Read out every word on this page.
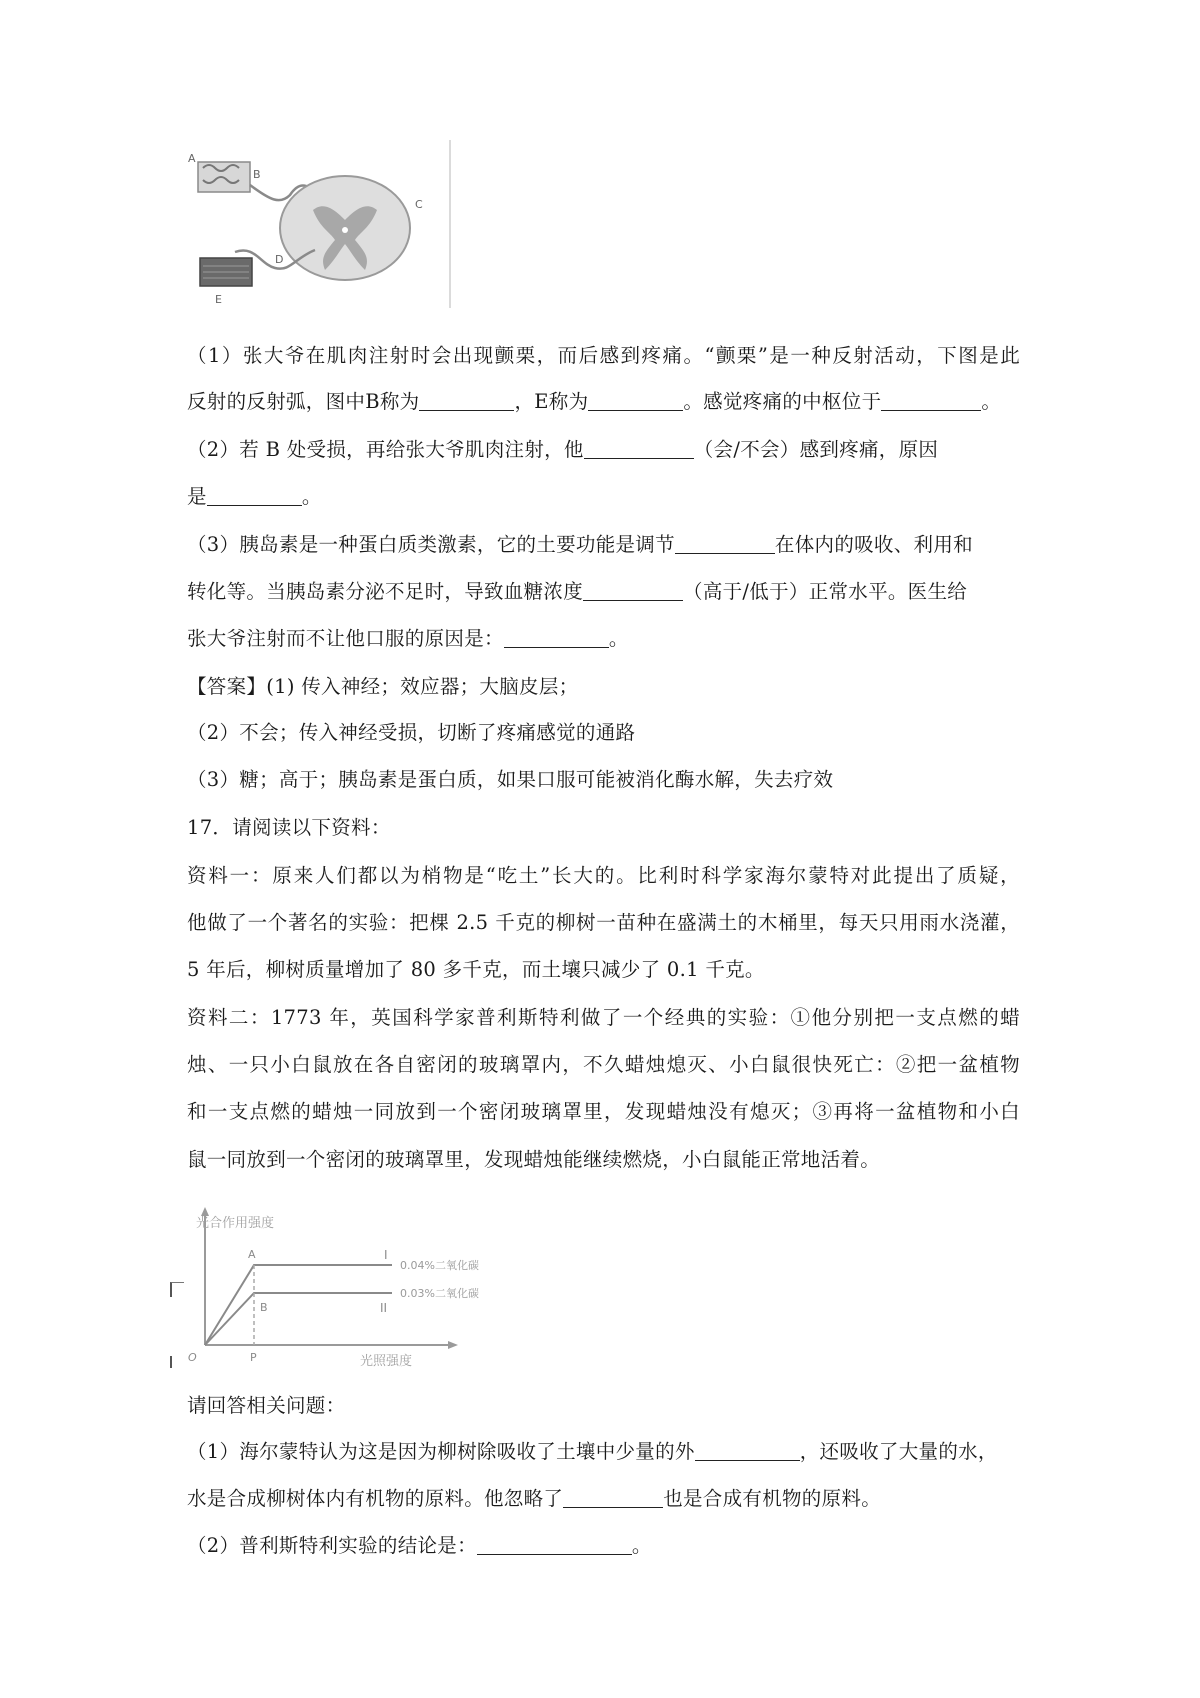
A
B
C
D
E
（1）张大爷在肌肉注射时会出现颤栗，而后感到疼痛。“颤栗”是一种反射活动，下图是此
反射的反射弧，图中B称为	，E称为	。感觉疼痛的中枢位于	。
（2）若 B 处受损，再给张大爷肌肉注射，他	（会/不会）感到疼痛，原因
是	。
（3）胰岛素是一种蛋白质类激素，它的土要功能是调节	在体内的吸收、利用和
转化等。当胰岛素分泌不足时，导致血糖浓度	（高于/低于）正常水平。医生给
张大爷注射而不让他口服的原因是：	。
【答案】(1) 传入神经；效应器；大脑皮层；
（2）不会；传入神经受损，切断了疼痛感觉的通路
（3）糖；高于；胰岛素是蛋白质，如果口服可能被消化酶水解，失去疗效
17．请阅读以下资料：
资料一：原来人们都以为梢物是“吃土”长大的。比利时科学家海尔蒙特对此提出了质疑，
他做了一个著名的实验：把棵 2.5 千克的柳树一苗种在盛满土的木桶里，每天只用雨水浇灌，
5 年后，柳树质量增加了 80 多千克，而土壤只减少了 0.1 千克。
资料二：1773 年，英国科学家普利斯特利做了一个经典的实验：①他分别把一支点燃的蜡
烛、一只小白鼠放在各自密闭的玻璃罩内，不久蜡烛熄灭、小白鼠很快死亡：②把一盆植物
和一支点燃的蜡烛一同放到一个密闭玻璃罩里，发现蜡烛没有熄灭；③再将一盆植物和小白
鼠一同放到一个密闭的玻璃罩里，发现蜡烛能继续燃烧，小白鼠能正常地活着。
光合作用强度
光照强度
O	P
A
B
I
II
0.04%二氧化碳
0.03%二氧化碳
请回答相关问题：
（1）海尔蒙特认为这是因为柳树除吸收了土壤中少量的外	，还吸收了大量的水，
水是合成柳树体内有机物的原料。他忽略了	也是合成有机物的原料。
（2）普利斯特利实验的结论是：	。
